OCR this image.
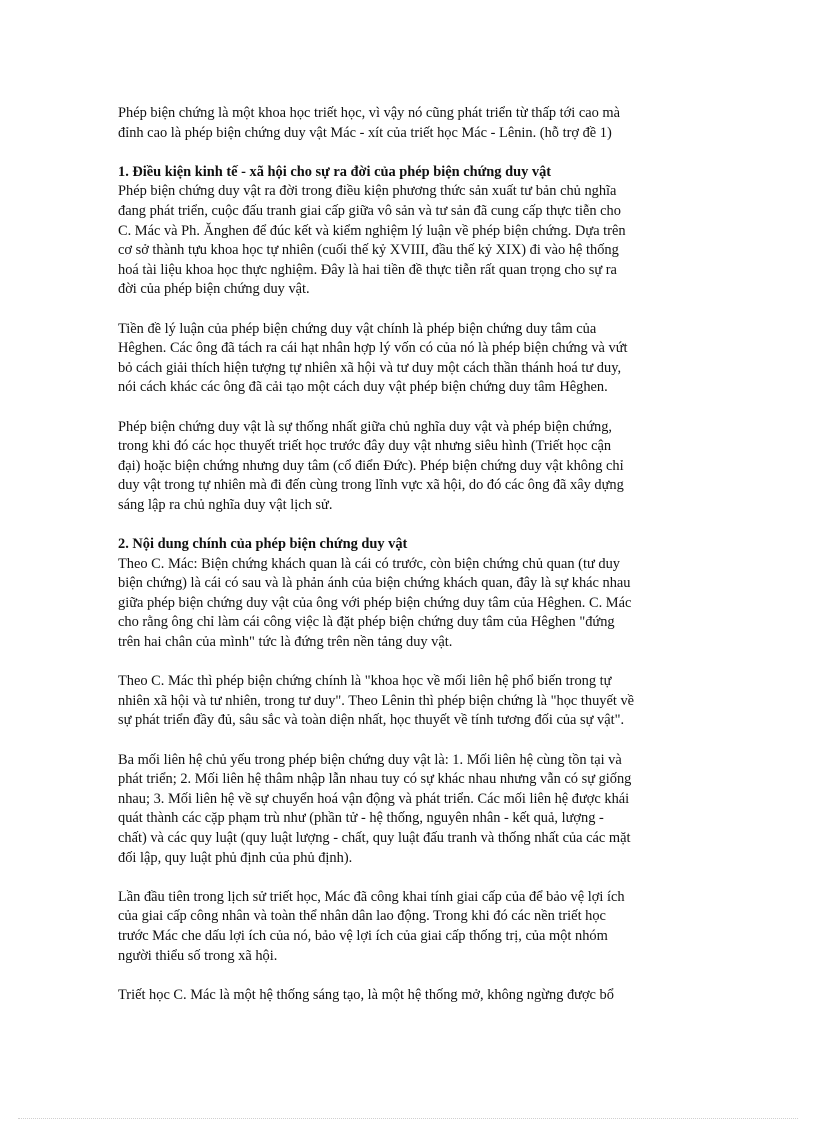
Phép biện chứng là một khoa học triết học, vì vậy nó cũng phát triển từ thấp tới cao mà
đỉnh cao là phép biện chứng duy vật Mác - xít của triết học Mác - Lênin. (hỗ trợ đề 1)

1. Điều kiện kinh tế - xã hội cho sự ra đời của phép biện chứng duy vật

Phép biện chứng duy vật ra đời trong điều kiện phương thức sản xuất tư bản chủ nghĩa
đang phát triển, cuộc đấu tranh giai cấp giữa vô sản và tư sản đã cung cấp thực tiễn cho
C. Mác và Ph. Ănghen để đúc kết và kiểm nghiệm lý luận về phép biện chứng. Dựa trên
cơ sở thành tựu khoa học tự nhiên (cuối thế kỷ XVIII, đầu thế kỷ XIX) đi vào hệ thống
hoá tài liệu khoa học thực nghiệm. Đây là hai tiền đề thực tiễn rất quan trọng cho sự ra
đời của phép biện chứng duy vật.

Tiền đề lý luận của phép biện chứng duy vật chính là phép biện chứng duy tâm của
Hêghen. Các ông đã tách ra cái hạt nhân hợp lý vốn có của nó là phép biện chứng và vứt
bỏ cách giải thích hiện tượng tự nhiên xã hội và tư duy một cách thần thánh hoá tư duy,
nói cách khác các ông đã cải tạo một cách duy vật phép biện chứng duy tâm Hêghen.

Phép biện chứng duy vật là sự thống nhất giữa chủ nghĩa duy vật và phép biện chứng,
trong khi đó các học thuyết triết học trước đây duy vật nhưng siêu hình (Triết học cận
đại) hoặc biện chứng nhưng duy tâm (cổ điển Đức). Phép biện chứng duy vật không chỉ
duy vật trong tự nhiên mà đi đến cùng trong lĩnh vực xã hội, do đó các ông đã xây dựng
sáng lập ra chủ nghĩa duy vật lịch sử.

2. Nội dung chính của phép biện chứng duy vật

Theo C. Mác: Biện chứng khách quan là cái có trước, còn biện chứng chủ quan (tư duy
biện chứng) là cái có sau và là phản ánh của biện chứng khách quan, đây là sự khác nhau
giữa phép biện chứng duy vật của ông với phép biện chứng duy tâm của Hêghen. C. Mác
cho rằng ông chỉ làm cái công việc là đặt phép biện chứng duy tâm của Hêghen "đứng
trên hai chân của mình" tức là đứng trên nền tảng duy vật.

Theo C. Mác thì phép biện chứng chính là "khoa học về mối liên hệ phổ biến trong tự
nhiên xã hội và tư nhiên, trong tư duy". Theo Lênin thì phép biện chứng là "học thuyết về
sự phát triển đầy đủ, sâu sắc và toàn diện nhất, học thuyết về tính tương đối của sự vật".

Ba mối liên hệ chủ yếu trong phép biện chứng duy vật là: 1. Mối liên hệ cùng tồn tại và
phát triển; 2. Mối liên hệ thâm nhập lẫn nhau tuy có sự khác nhau nhưng vẫn có sự giống
nhau; 3. Mối liên hệ về sự chuyển hoá vận động và phát triển. Các mối liên hệ được khái
quát thành các cặp phạm trù như (phần tử - hệ thống, nguyên nhân - kết quả, lượng -
chất) và các quy luật (quy luật lượng - chất, quy luật đấu tranh và thống nhất của các mặt
đối lập, quy luật phủ định của phủ định).

Lần đầu tiên trong lịch sử triết học, Mác đã công khai tính giai cấp của để bảo vệ lợi ích
của giai cấp công nhân và toàn thể nhân dân lao động. Trong khi đó các nền triết học
trước Mác che dấu lợi ích của nó, bảo vệ lợi ích của giai cấp thống trị, của một nhóm
người thiểu số trong xã hội.

Triết học C. Mác là một hệ thống sáng tạo, là một hệ thống mở, không ngừng được bổ
